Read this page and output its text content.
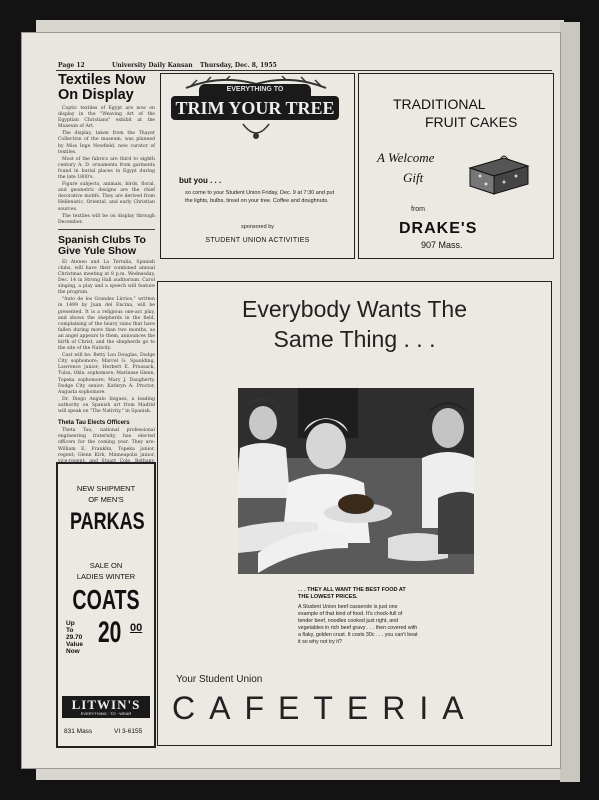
Page 12	University Daily Kansan Thursday, Dec. 8, 1955
Textiles Now On Display

Coptic textiles of Egypt are now on display in the "Weaving Art of the Egyptian Christians" exhibit at the Museum of Art.

The display, taken from the Thayer Collection of the museum, was planned by Miss Inge Newfield, new curator of textiles.

Most of the fabrics are third to eighth century A. D. ornaments from garments found in burial places in Egypt during the late 1800's.

Figure subjects, animals, birds, floral, and geometric designs are the chief decorative motifs. They are derived from Hellenistic, Oriental, and early Christian sources.

The textiles will be on display through December.

Spanish Clubs To Give Yule Show

El Ateneo and La Tertulia, Spanish clubs, will have their combined annual Christmas meeting at 8 p.m. Wednesday, Dec. 14 in Strong Hall auditorium. Carol singing, a play and a speech will feature the program.

"Auto de los Grandes Lirrios," written in 1499 by Juan del Encina, will be presented. It is a religious one-act play, and shows the shepherds in the field, complaining of the heavy rains that have fallen during more than two months, as an angel appears to them, announces the birth of Christ, and the shepherds go to the site of the Nativity.

Cast will be: Betty Lou Douglas, Dodge City sophomore; Marcel G. Spaulding, Lawrence junior; Herbert E. Prussack, Tulsa, Okla. sophomore; Marinase Glenn, Topeka sophomore; Mary J. Daugherty, Dodge City senior; Kathryn A. Proctor, Augusta sophomore.

Dr. Diego Angulo Iniguez, a leading authority on Spanish art from Madrid will speak on "The Nativity," in Spanish.

Theta Tau Elects Officers

Theta Tau, national professional engineering fraternity, has elected officers for the coming year. They are: William E. Franklin, Topeka junior, regent; Glenn Kirk, Minneapolis junior,

EVERYTHING TO
TRIM YOUR TREE
but you . . .
so come to your Student Union Friday, Dec. 9 at 7:30 and put the lights, bulbs, tinsel on your tree. Coffee and doughnuts.
sponsored by
STUDENT UNION ACTIVITIES
TRADITIONAL
FRUIT CAKES
A Welcome
Gift
from
DRAKE'S
907 Mass.
Everybody Wants The
Same Thing . . .
. . . THEY ALL WANT THE BEST FOOD AT THE LOWEST PRICES.
A Student Union beef casserole is just one example of that kind of food. It's chock-full of tender beef, noodles cooked just right, and vegetables in rich beef gravy . . . then covered with a flaky, golden crust. It costs 30c . . . you can't beat it so why not try it?
Your Student Union
CAFETERIA
NEW SHIPMENT
OF MEN'S
PARKAS
SALE ON
LADIES WINTER
COATS
Up
To
29.70
Value
Now
20 00
LITWIN'S
EVERYTHING · TO · WEAR
831 Mass	VI 3-6155
